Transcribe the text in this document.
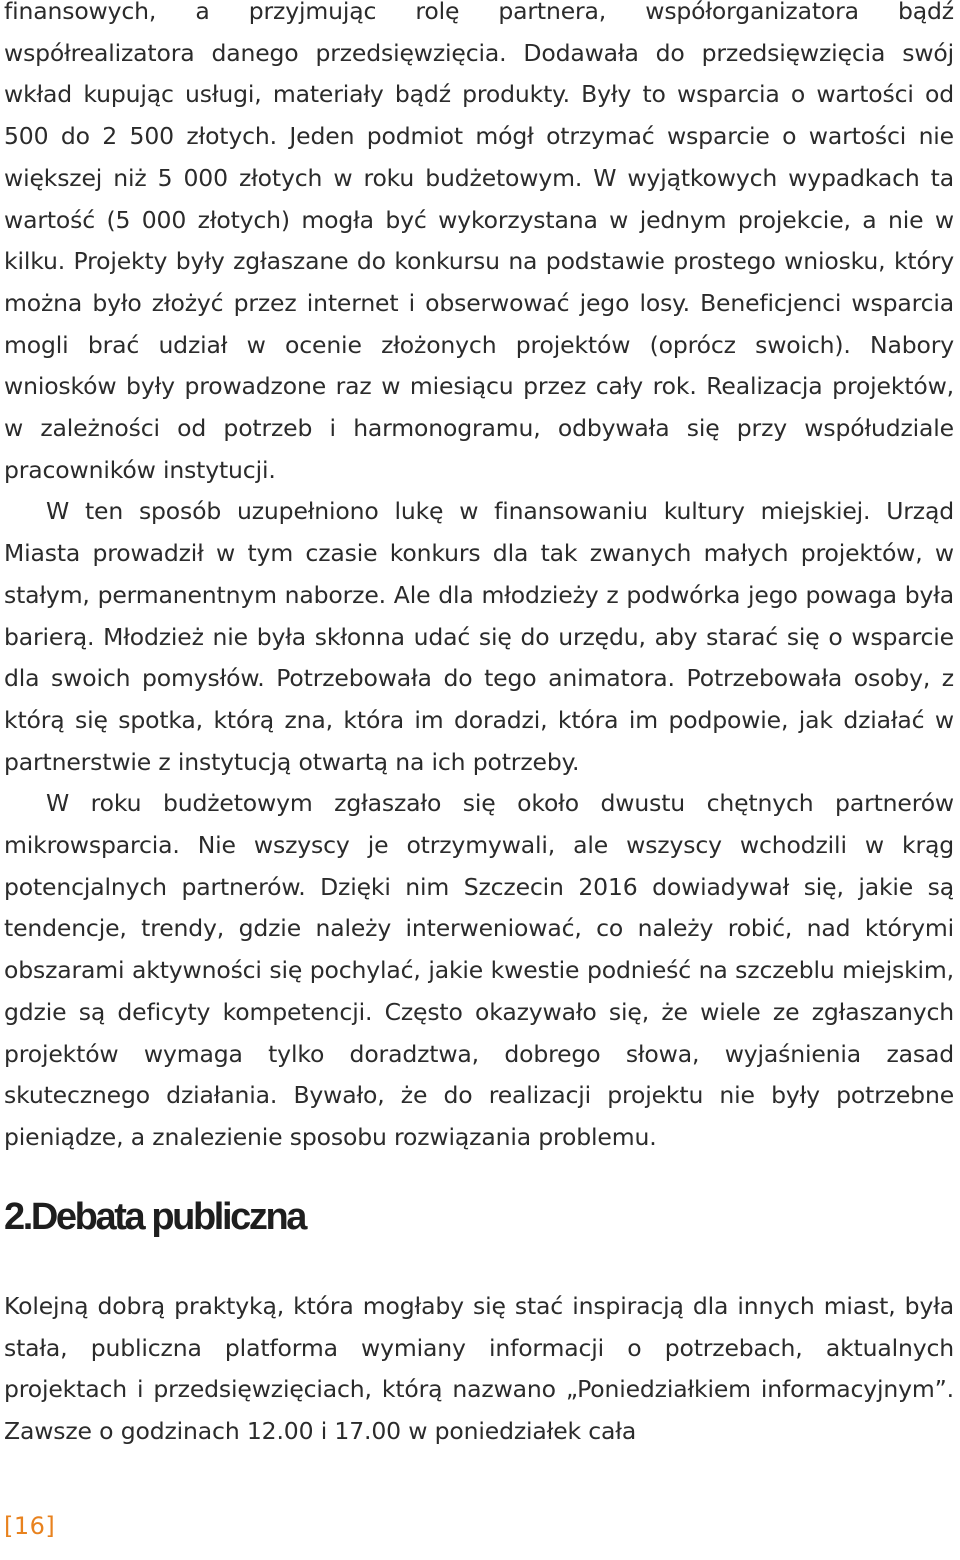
finansowych, a przyjmując rolę partnera, współorganizatora bądź współrealizatora danego przedsięwzięcia. Dodawała do przedsięwzięcia swój wkład kupując usługi, materiały bądź produkty. Były to wsparcia o wartości od 500 do 2 500 złotych. Jeden podmiot mógł otrzymać wsparcie o wartości nie większej niż 5 000 złotych w roku budżetowym. W wyjątkowych wypadkach ta wartość (5 000 złotych) mogła być wykorzystana w jednym projekcie, a nie w kilku. Projekty były zgłaszane do konkursu na podstawie prostego wniosku, który można było złożyć przez internet i obserwować jego losy. Beneficjenci wsparcia mogli brać udział w ocenie złożonych projektów (oprócz swoich). Nabory wniosków były prowadzone raz w miesiącu przez cały rok. Realizacja projektów, w zależności od potrzeb i harmonogramu, odbywała się przy współudziale pracowników instytucji.

W ten sposób uzupełniono lukę w finansowaniu kultury miejskiej. Urząd Miasta prowadził w tym czasie konkurs dla tak zwanych małych projektów, w stałym, permanentnym naborze. Ale dla młodzieży z podwórka jego powaga była barierą. Młodzież nie była skłonna udać się do urzędu, aby starać się o wsparcie dla swoich pomysłów. Potrzebowała do tego animatora. Potrzebowała osoby, z którą się spotka, którą zna, która im doradzi, która im podpowie, jak działać w partnerstwie z instytucją otwartą na ich potrzeby.

W roku budżetowym zgłaszało się około dwustu chętnych partnerów mikrowsparcia. Nie wszyscy je otrzymywali, ale wszyscy wchodzili w krąg potencjalnych partnerów. Dzięki nim Szczecin 2016 dowiadywał się, jakie są tendencje, trendy, gdzie należy interweniować, co należy robić, nad którymi obszarami aktywności się pochylać, jakie kwestie podnieść na szczeblu miejskim, gdzie są deficyty kompetencji. Często okazywało się, że wiele ze zgłaszanych projektów wymaga tylko doradztwa, dobrego słowa, wyjaśnienia zasad skutecznego działania. Bywało, że do realizacji projektu nie były potrzebne pieniądze, a znalezienie sposobu rozwiązania problemu.

2.Debata publiczna

Kolejną dobrą praktyką, która mogłaby się stać inspiracją dla innych miast, była stała, publiczna platforma wymiany informacji o potrzebach, aktualnych projektach i przedsięwzięciach, którą nazwano „Poniedziałkiem informacyjnym”. Zawsze o godzinach 12.00 i 17.00 w poniedziałek cała

[16]
